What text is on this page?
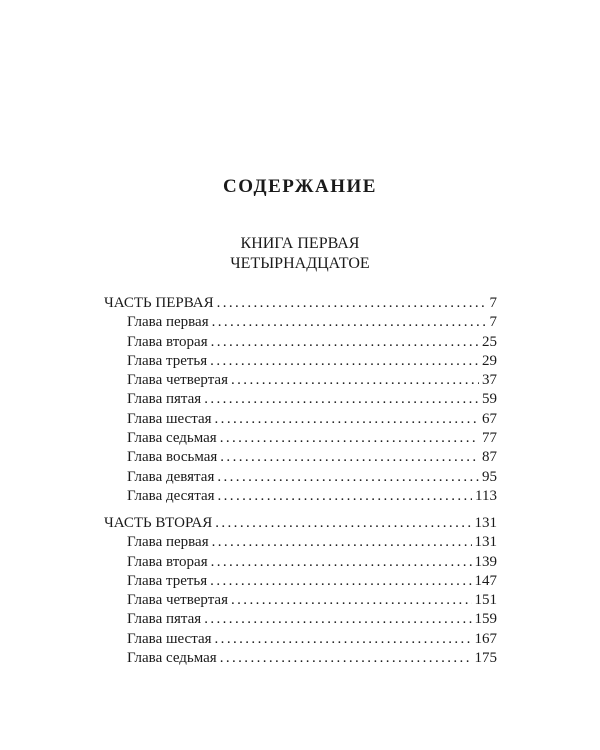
СОДЕРЖАНИЕ
КНИГА ПЕРВАЯ
ЧЕТЫРНАДЦАТОЕ
ЧАСТЬ ПЕРВАЯ .....	7
Глава первая .....	7
Глава вторая .....	25
Глава третья .....	29
Глава четвертая .....	37
Глава пятая .....	59
Глава шестая .....	67
Глава седьмая .....	77
Глава восьмая .....	87
Глава девятая .....	95
Глава десятая .....	113
ЧАСТЬ ВТОРАЯ .....	131
Глава первая .....	131
Глава вторая .....	139
Глава третья .....	147
Глава четвертая .....	151
Глава пятая .....	159
Глава шестая .....	167
Глава седьмая .....	175
